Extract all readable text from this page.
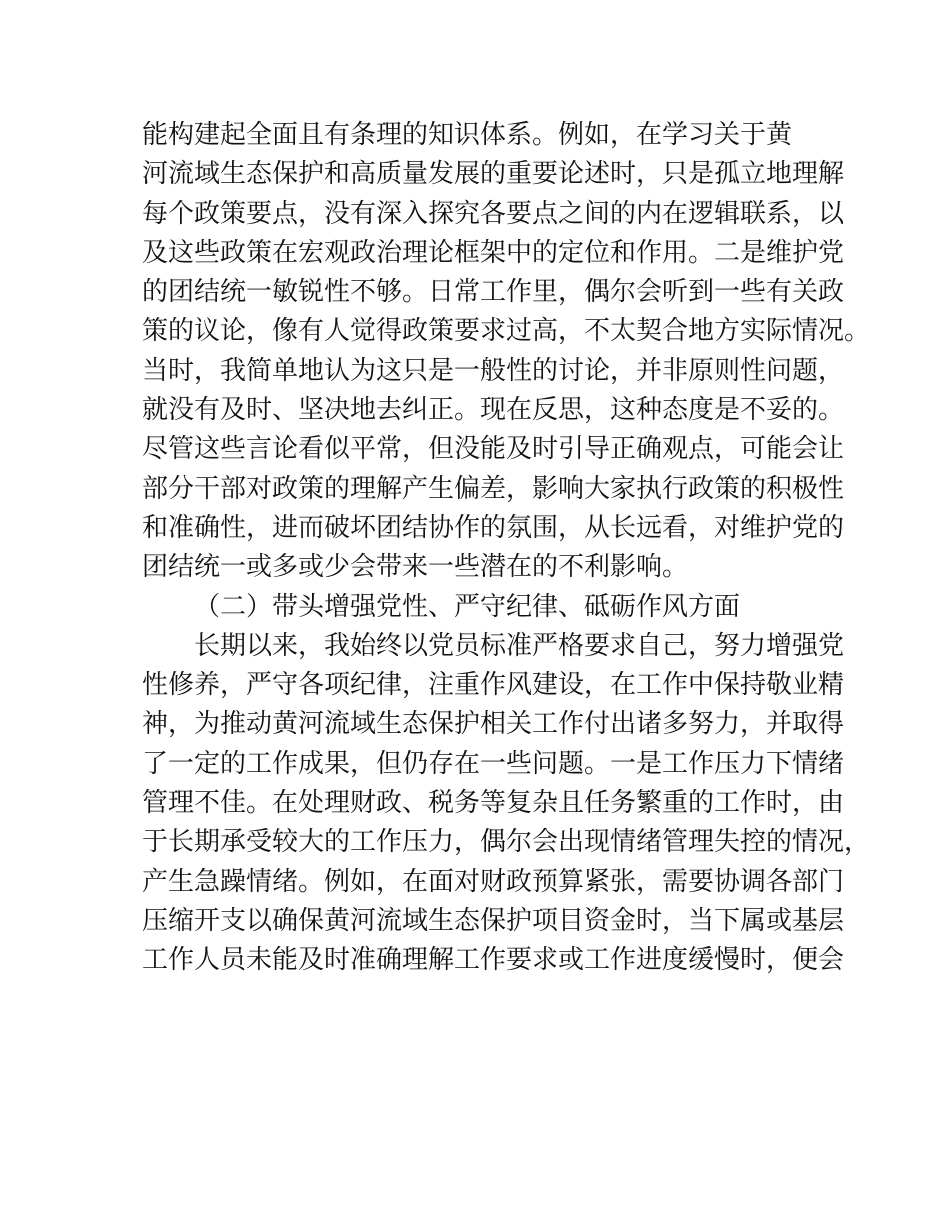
能构建起全面且有条理的知识体系。例如，在学习关于黄
河流域生态保护和高质量发展的重要论述时，只是孤立地理解
每个政策要点，没有深入探究各要点之间的内在逻辑联系，以
及这些政策在宏观政治理论框架中的定位和作用。二是维护党
的团结统一敏锐性不够。日常工作里，偶尔会听到一些有关政
策的议论，像有人觉得政策要求过高，不太契合地方实际情况。
当时，我简单地认为这只是一般性的讨论，并非原则性问题，
就没有及时、坚决地去纠正。现在反思，这种态度是不妥的。
尽管这些言论看似平常，但没能及时引导正确观点，可能会让
部分干部对政策的理解产生偏差，影响大家执行政策的积极性
和准确性，进而破坏团结协作的氛围，从长远看，对维护党的
团结统一或多或少会带来一些潜在的不利影响。
（二）带头增强党性、严守纪律、砥砺作风方面
长期以来，我始终以党员标准严格要求自己，努力增强党
性修养，严守各项纪律，注重作风建设，在工作中保持敬业精
神，为推动黄河流域生态保护相关工作付出诸多努力，并取得
了一定的工作成果，但仍存在一些问题。一是工作压力下情绪
管理不佳。在处理财政、税务等复杂且任务繁重的工作时，由
于长期承受较大的工作压力，偶尔会出现情绪管理失控的情况，
产生急躁情绪。例如，在面对财政预算紧张，需要协调各部门
压缩开支以确保黄河流域生态保护项目资金时，当下属或基层
工作人员未能及时准确理解工作要求或工作进度缓慢时，便会
